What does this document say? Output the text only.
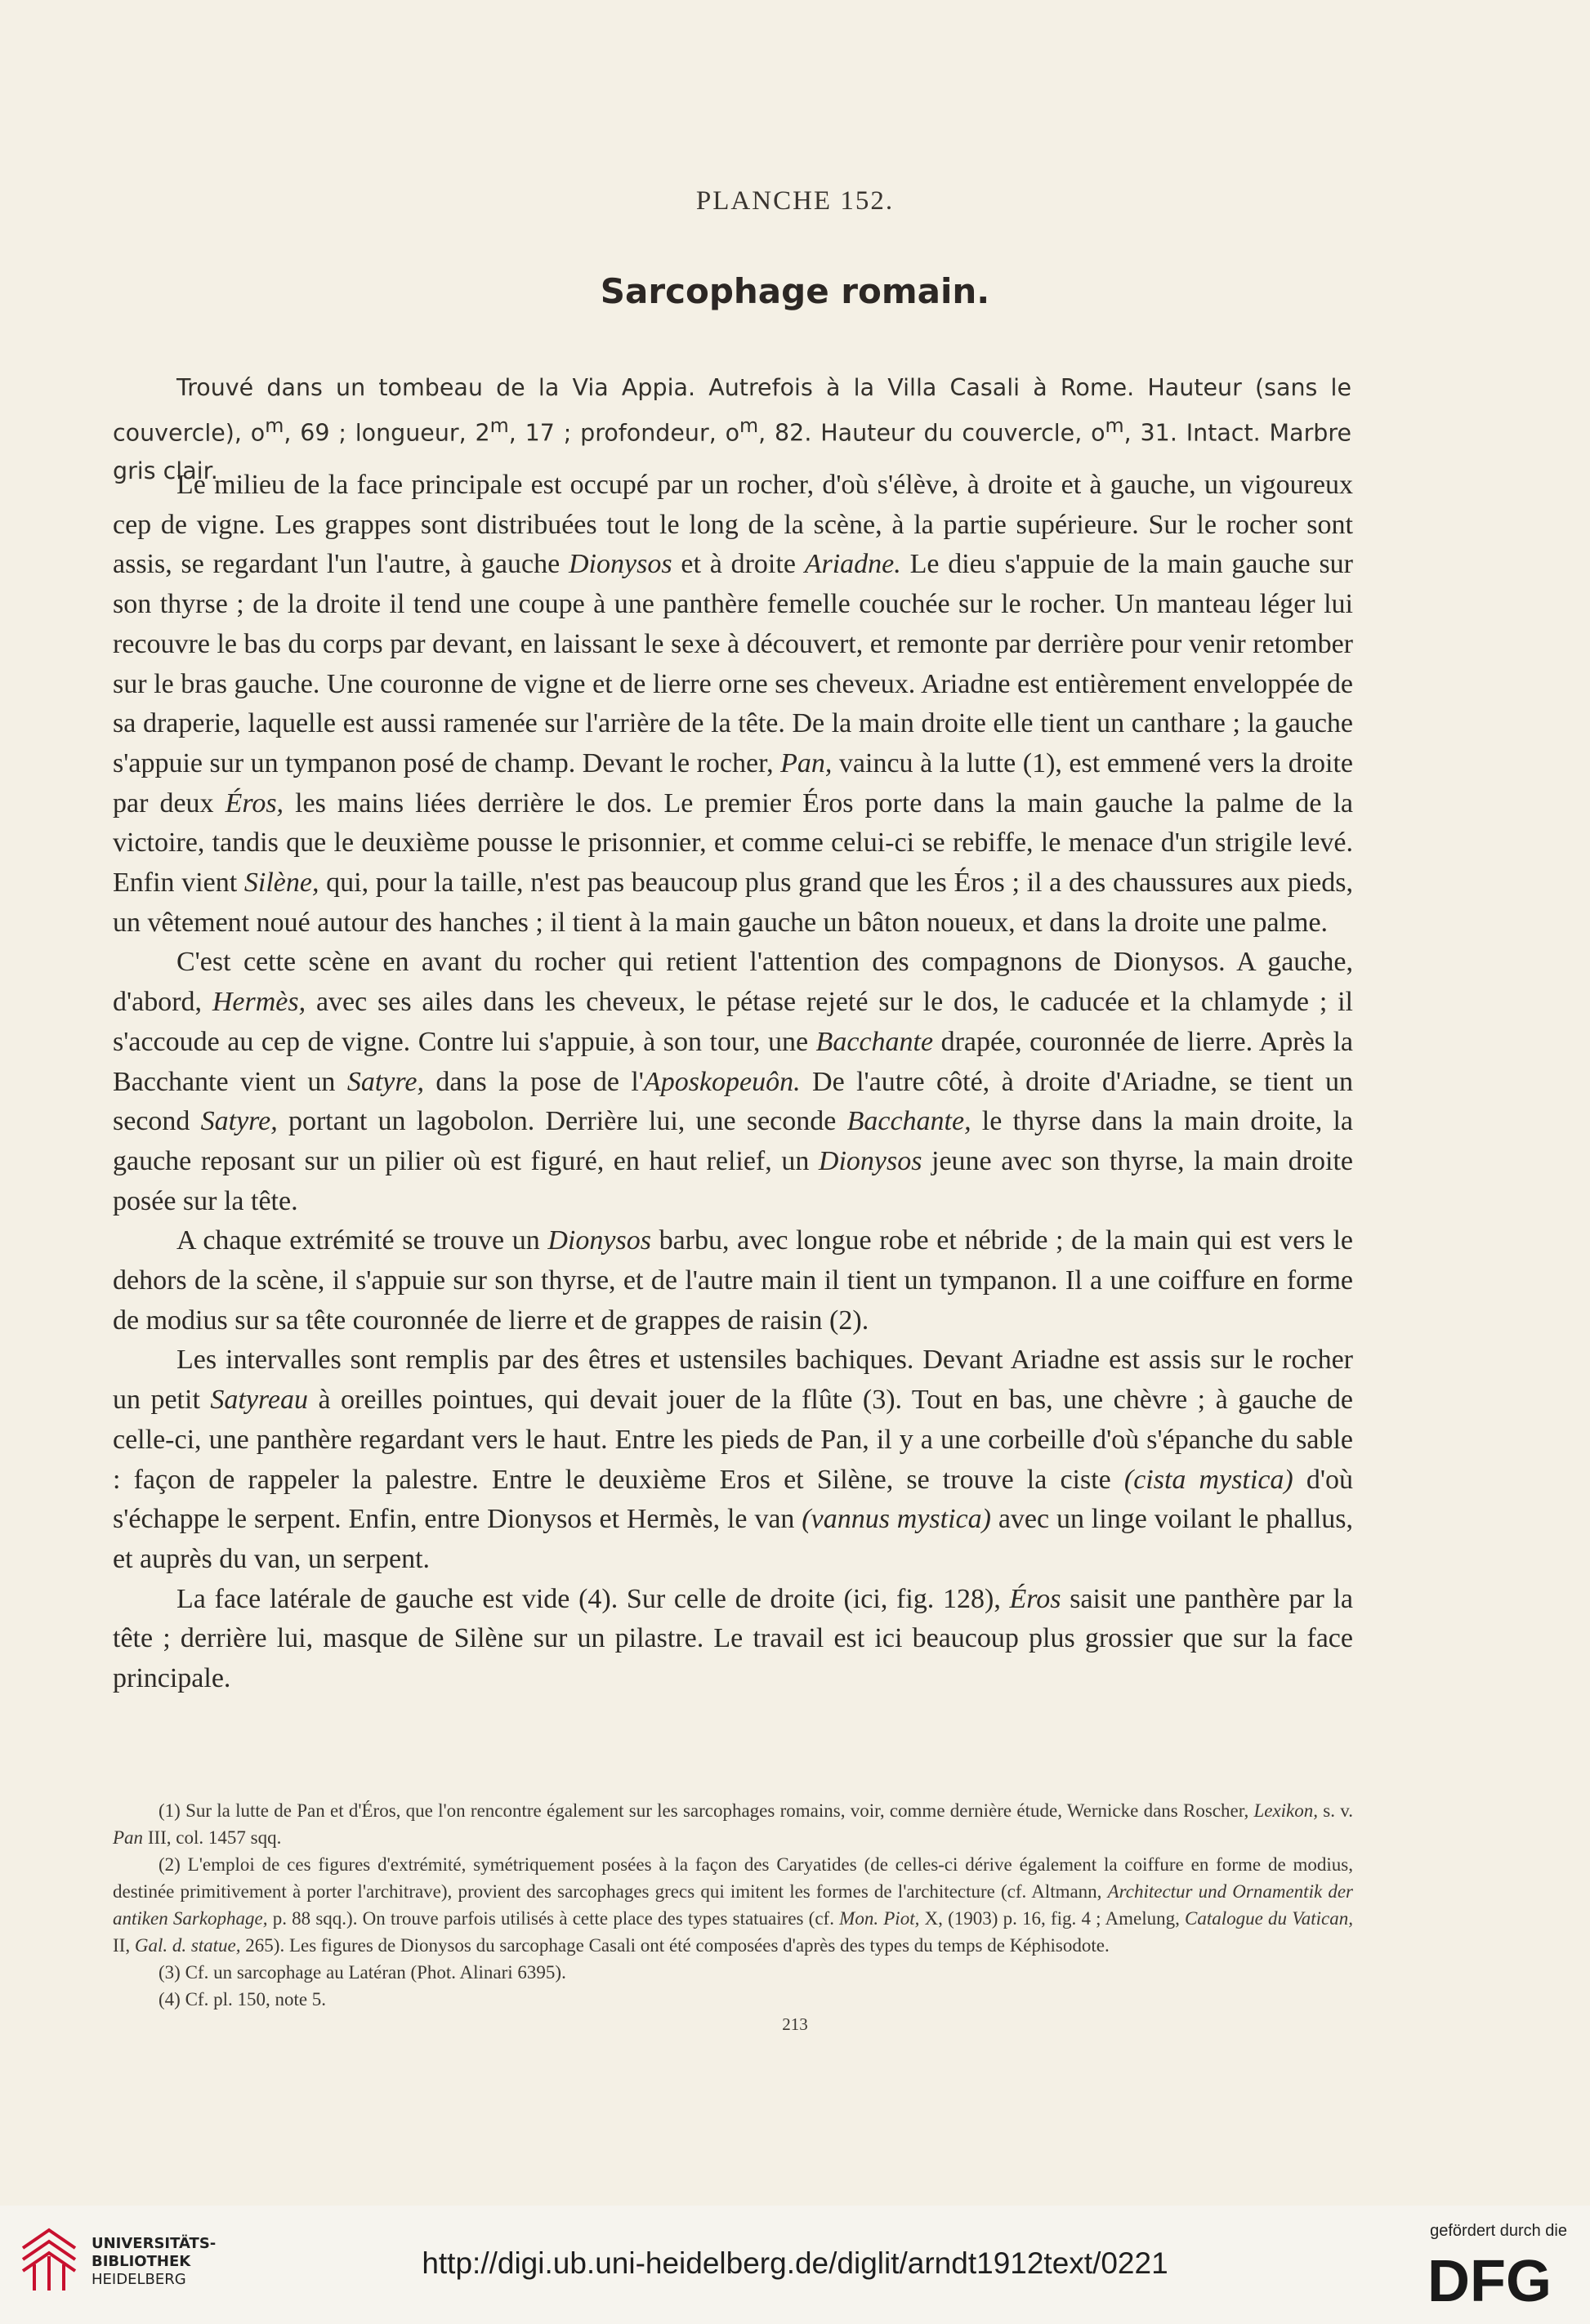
PLANCHE 152.
Sarcophage romain.
Trouvé dans un tombeau de la Via Appia. Autrefois à la Villa Casali à Rome. Hauteur (sans le couvercle), $o^m$, 69 ; longueur, 2$^m$, 17 ; profondeur, $o^m$, 82. Hauteur du couvercle, $o^m$, 31. Intact. Marbre gris clair.

Le milieu de la face principale est occupé par un rocher, d'où s'élève, à droite et à gauche, un vigoureux cep de vigne. Les grappes sont distribuées tout le long de la scène, à la partie supérieure. Sur le rocher sont assis, se regardant l'un l'autre, à gauche Dionysos et à droite Ariadne. Le dieu s'appuie de la main gauche sur son thyrse ; de la droite il tend une coupe à une panthère femelle couchée sur le rocher. Un manteau léger lui recouvre le bas du corps par devant, en laissant le sexe à découvert, et remonte par derrière pour venir retomber sur le bras gauche. Une couronne de vigne et de lierre orne ses cheveux. Ariadne est entièrement enveloppée de sa draperie, laquelle est aussi ramenée sur l'arrière de la tête. De la main droite elle tient un canthare ; la gauche s'appuie sur un tympanon posé de champ. Devant le rocher, Pan, vaincu à la lutte (1), est emmené vers la droite par deux Éros, les mains liées derrière le dos. Le premier Éros porte dans la main gauche la palme de la victoire, tandis que le deuxième pousse le prisonnier, et comme celui-ci se rebiffe, le menace d'un strigile levé. Enfin vient Silène, qui, pour la taille, n'est pas beaucoup plus grand que les Éros ; il a des chaussures aux pieds, un vêtement noué autour des hanches ; il tient à la main gauche un bâton noueux, et dans la droite une palme.

C'est cette scène en avant du rocher qui retient l'attention des compagnons de Dionysos. A gauche, d'abord, Hermès, avec ses ailes dans les cheveux, le pétase rejeté sur le dos, le caducée et la chlamyde ; il s'accoude au cep de vigne. Contre lui s'appuie, à son tour, une Bacchante drapée, couronnée de lierre. Après la Bacchante vient un Satyre, dans la pose de l'Aposkopeuôn. De l'autre côté, à droite d'Ariadne, se tient un second Satyre, portant un lagobolon. Derrière lui, une seconde Bacchante, le thyrse dans la main droite, la gauche reposant sur un pilier où est figuré, en haut relief, un Dionysos jeune avec son thyrse, la main droite posée sur la tête.

A chaque extrémité se trouve un Dionysos barbu, avec longue robe et nébride ; de la main qui est vers le dehors de la scène, il s'appuie sur son thyrse, et de l'autre main il tient un tympanon. Il a une coiffure en forme de modius sur sa tête couronnée de lierre et de grappes de raisin (2).

Les intervalles sont remplis par des êtres et ustensiles bachiques. Devant Ariadne est assis sur le rocher un petit Satyreau à oreilles pointues, qui devait jouer de la flûte (3). Tout en bas, une chèvre ; à gauche de celle-ci, une panthère regardant vers le haut. Entre les pieds de Pan, il y a une corbeille d'où s'épanche du sable : façon de rappeler la palestre. Entre le deuxième Eros et Silène, se trouve la ciste (cista mystica) d'où s'échappe le serpent. Enfin, entre Dionysos et Hermès, le van (vannus mystica) avec un linge voilant le phallus, et auprès du van, un serpent.

La face latérale de gauche est vide (4). Sur celle de droite (ici, fig. 128), Éros saisit une panthère par la tête ; derrière lui, masque de Silène sur un pilastre. Le travail est ici beaucoup plus grossier que sur la face principale.

(1) Sur la lutte de Pan et d'Éros, que l'on rencontre également sur les sarcophages romains, voir, comme dernière étude, Wernicke dans Roscher, Lexikon, s. v. Pan III, col. 1457 sqq.

(2) L'emploi de ces figures d'extrémité, symétriquement posées à la façon des Caryatides (de celles-ci dérive également la coiffure en forme de modius, destinée primitivement à porter l'architrave), provient des sarcophages grecs qui imitent les formes de l'architecture (cf. Altmann, Architectur und Ornamentik der antiken Sarkophage, p. 88 sqq.). On trouve parfois utilisés à cette place des types statuaires (cf. Mon. Piot, X, (1903) p. 16, fig. 4 ; Amelung, Catalogue du Vatican, II, Gal. d. statue, 265). Les figures de Dionysos du sarcophage Casali ont été composées d'après des types du temps de Képhisodote.

(3) Cf. un sarcophage au Latéran (Phot. Alinari 6395).

(4) Cf. pl. 150, note 5.

213
UNIVERSITÄTS-
BIBLIOTHEK
HEIDELBERG	http://digi.ub.uni-heidelberg.de/diglit/arndt1912text/0221
gefördert durch die
DFG
